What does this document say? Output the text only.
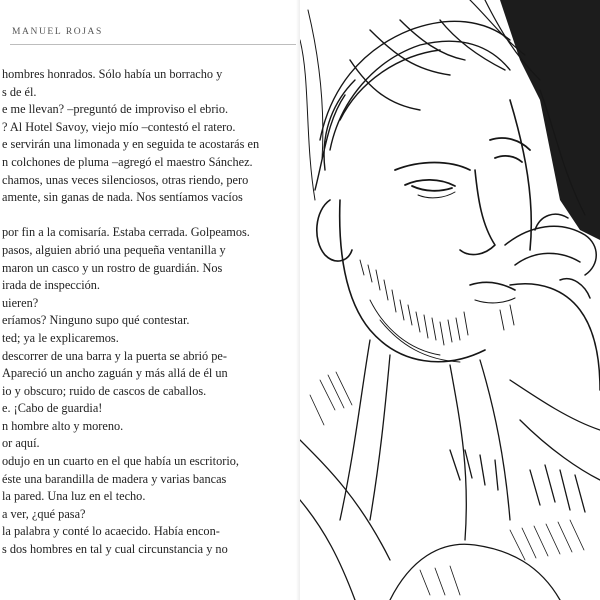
MANUEL ROJAS
hombres honrados. Sólo había un borracho y
s de él.
e me llevan? –preguntó de improviso el ebrio.
? Al Hotel Savoy, viejo mío –contestó el ratero.
e servirán una limonada y en seguida te acostarás en
n colchones de pluma –agregó el maestro Sánchez.
chamos, unas veces silenciosos, otras riendo, pero
amente, sin ganas de nada. Nos sentíamos vacíos
por fin a la comisaría. Estaba cerrada. Golpeamos.
pasos, alguien abrió una pequeña ventanilla y
maron un casco y un rostro de guardián. Nos
irada de inspección.
uieren?
eríamos? Ninguno supo qué contestar.
ted; ya le explicaremos.
descorrer de una barra y la puerta se abrió pe-
Apareció un ancho zaguán y más allá de él un
io y obscuro; ruido de cascos de caballos.
e. ¡Cabo de guardia!
n hombre alto y moreno.
or aquí.
odujo en un cuarto en el que había un escritorio,
éste una barandilla de madera y varias bancas
la pared. Una luz en el techo.
a ver, ¿qué pasa?
la palabra y conté lo acaecido. Había encon-
s dos hombres en tal y cual circunstancia y no
